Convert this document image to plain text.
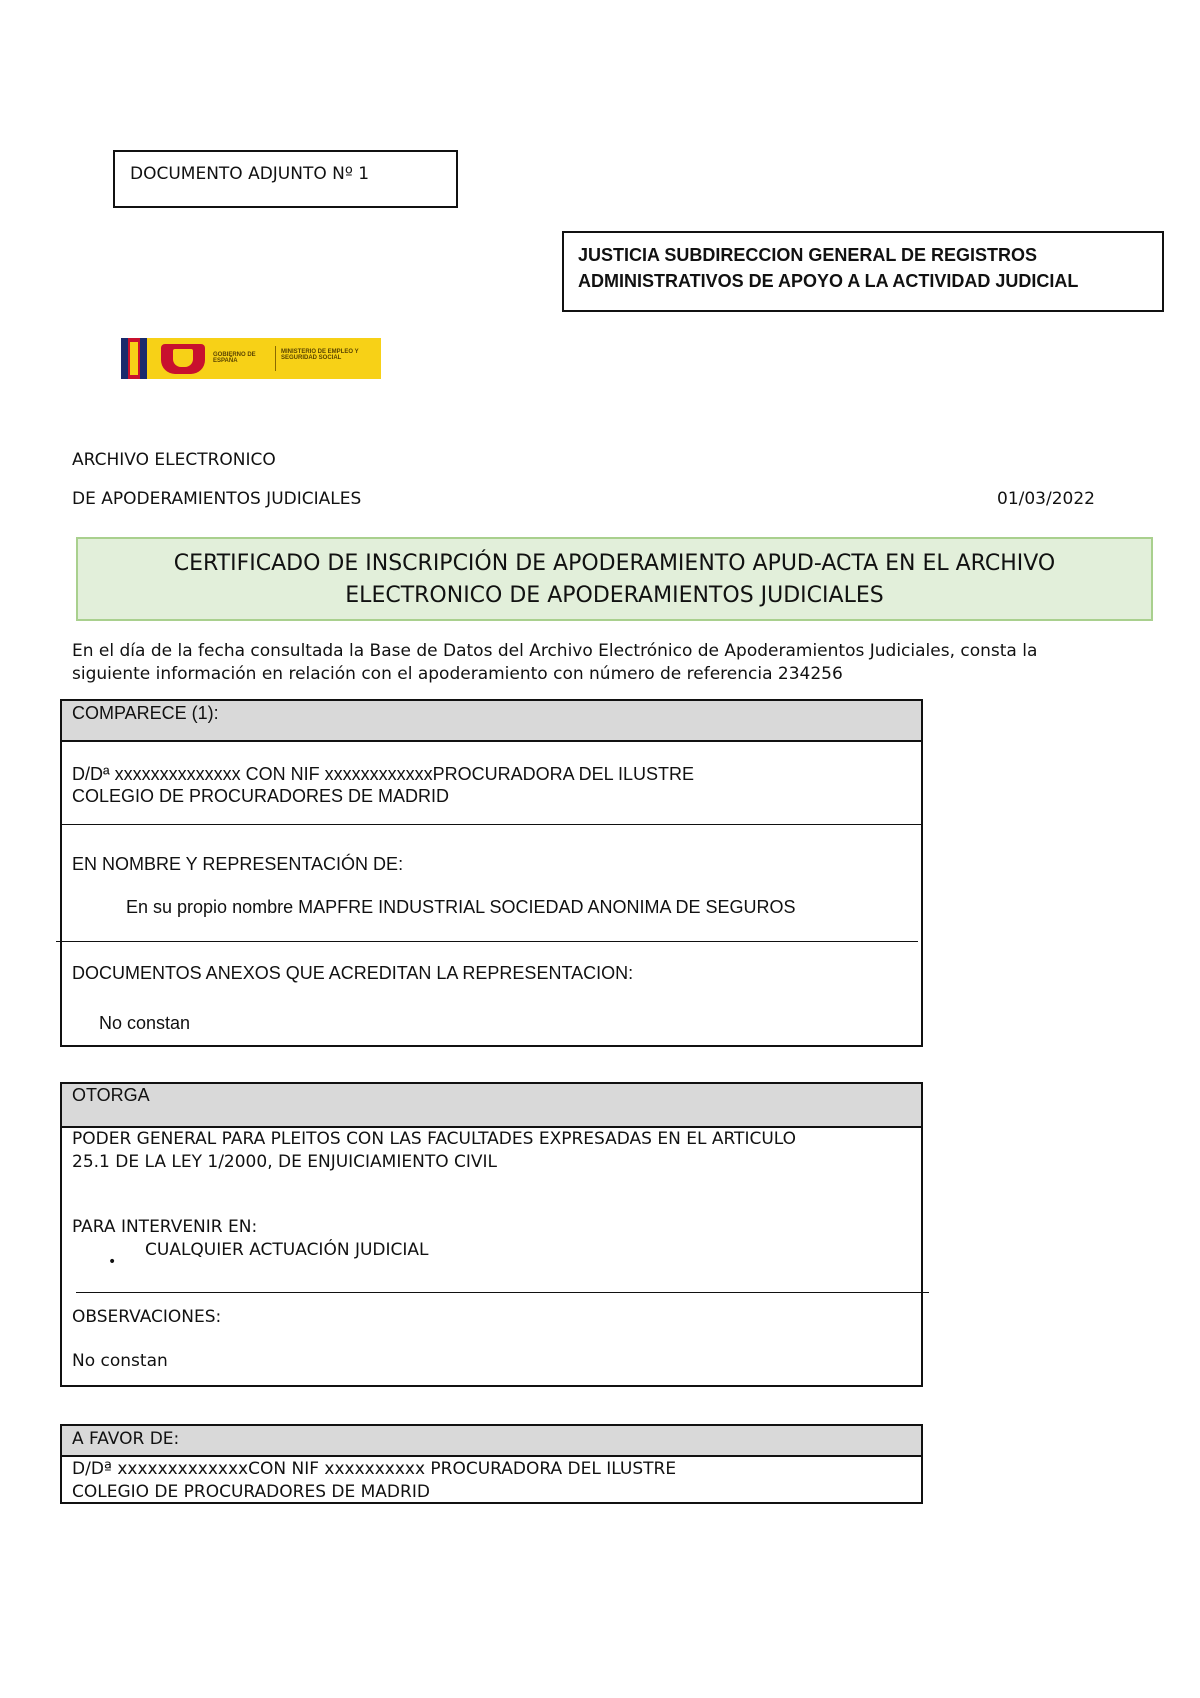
DOCUMENTO ADJUNTO Nº 1
JUSTICIA SUBDIRECCION GENERAL DE REGISTROS
ADMINISTRATIVOS DE APOYO A LA ACTIVIDAD JUDICIAL
GOBIERNO DE ESPAÑA
MINISTERIO DE EMPLEO Y SEGURIDAD SOCIAL
ARCHIVO ELECTRONICO
DE APODERAMIENTOS JUDICIALES	01/03/2022
CERTIFICADO DE INSCRIPCIÓN DE APODERAMIENTO APUD-ACTA EN EL ARCHIVO
ELECTRONICO DE APODERAMIENTOS JUDICIALES
En el día de la fecha consultada la Base de Datos del Archivo Electrónico de Apoderamientos Judiciales, consta la
siguiente información en relación con el apoderamiento con número de referencia 234256
COMPARECE (1):
D/Dª xxxxxxxxxxxxxx CON NIF xxxxxxxxxxxxPROCURADORA DEL ILUSTRE
COLEGIO DE PROCURADORES DE MADRID
EN NOMBRE Y REPRESENTACIÓN DE:
En su propio nombre MAPFRE INDUSTRIAL SOCIEDAD ANONIMA DE SEGUROS
DOCUMENTOS ANEXOS QUE ACREDITAN LA REPRESENTACION:
No constan
OTORGA
PODER GENERAL PARA PLEITOS CON LAS FACULTADES EXPRESADAS EN EL ARTICULO
25.1 DE LA LEY 1/2000, DE ENJUICIAMIENTO CIVIL
PARA INTERVENIR EN:
•
CUALQUIER ACTUACIÓN JUDICIAL
OBSERVACIONES:
No constan
A FAVOR DE:
D/Dª xxxxxxxxxxxxxCON NIF xxxxxxxxxx PROCURADORA DEL ILUSTRE
COLEGIO DE PROCURADORES DE MADRID
